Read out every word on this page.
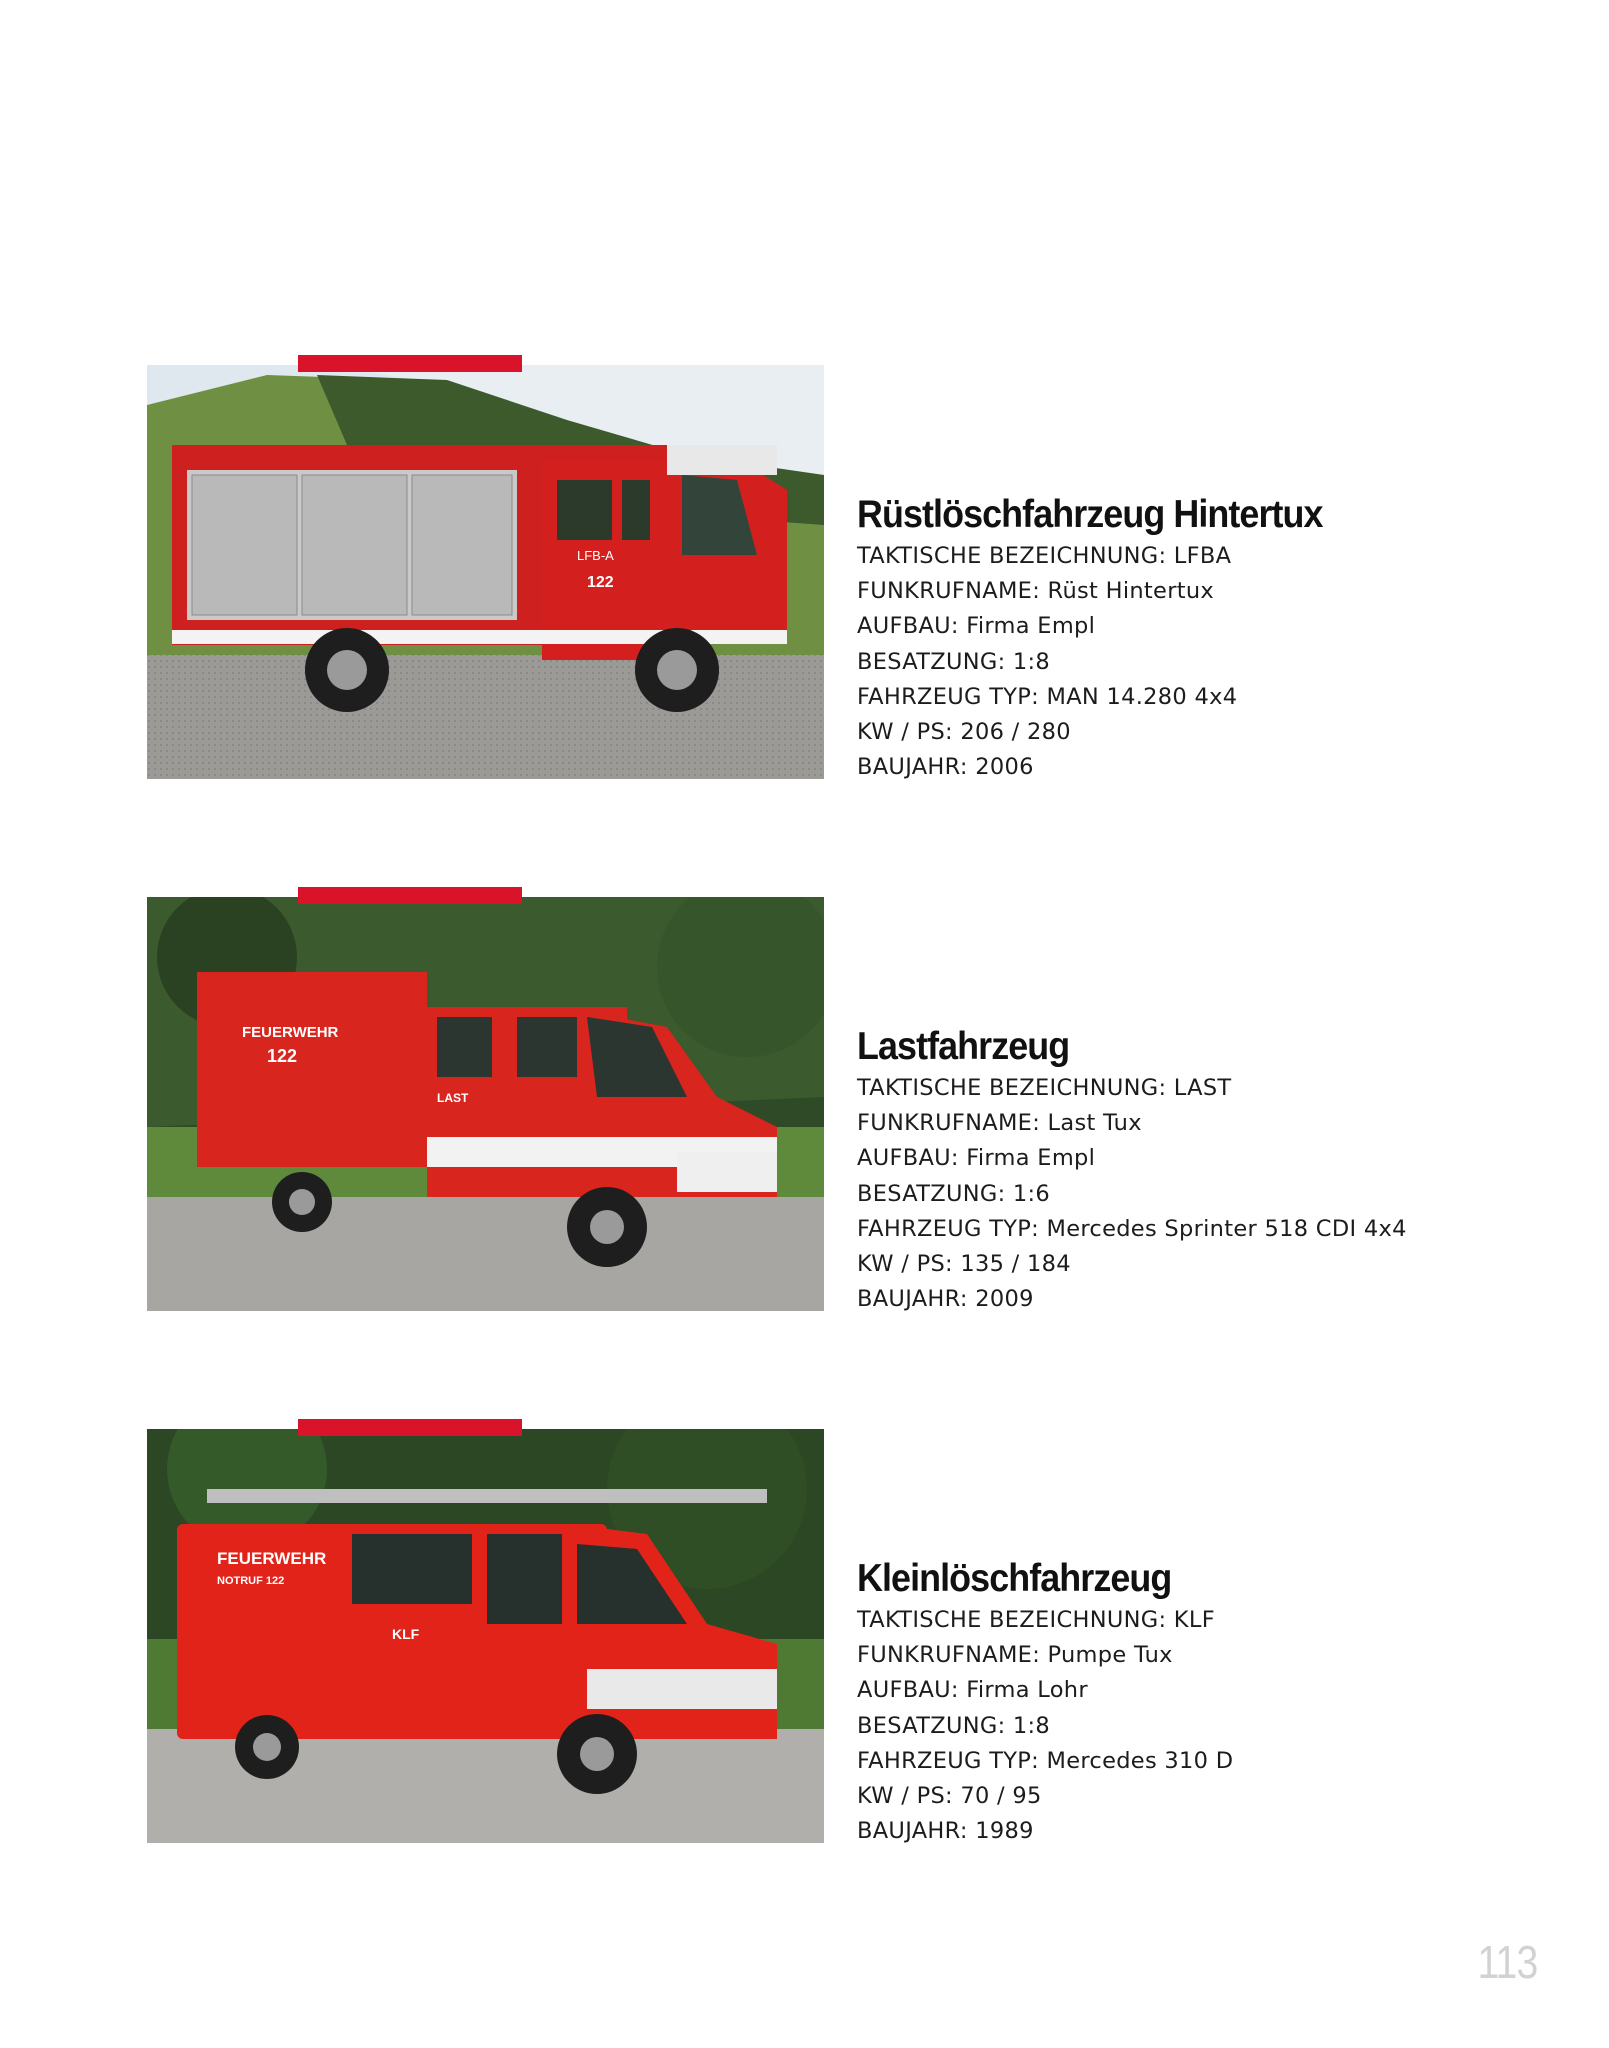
LFB-A
122
Rüstlöschfahrzeug Hintertux
TAKTISCHE BEZEICHNUNG: LFBA
FUNKRUFNAME: Rüst Hintertux
AUFBAU: Firma Empl
BESATZUNG: 1:8
FAHRZEUG TYP: MAN 14.280 4x4
KW / PS: 206 / 280
BAUJAHR: 2006
FEUERWEHR
122
LAST
Lastfahrzeug
TAKTISCHE BEZEICHNUNG: LAST
FUNKRUFNAME: Last Tux
AUFBAU: Firma Empl
BESATZUNG: 1:6
FAHRZEUG TYP: Mercedes Sprinter 518 CDI 4x4
KW / PS: 135 / 184
BAUJAHR: 2009
FEUERWEHR
NOTRUF 122
KLF
Kleinlöschfahrzeug
TAKTISCHE BEZEICHNUNG: KLF
FUNKRUFNAME: Pumpe Tux
AUFBAU: Firma Lohr
BESATZUNG: 1:8
FAHRZEUG TYP: Mercedes 310 D
KW / PS: 70 / 95
BAUJAHR: 1989
113
